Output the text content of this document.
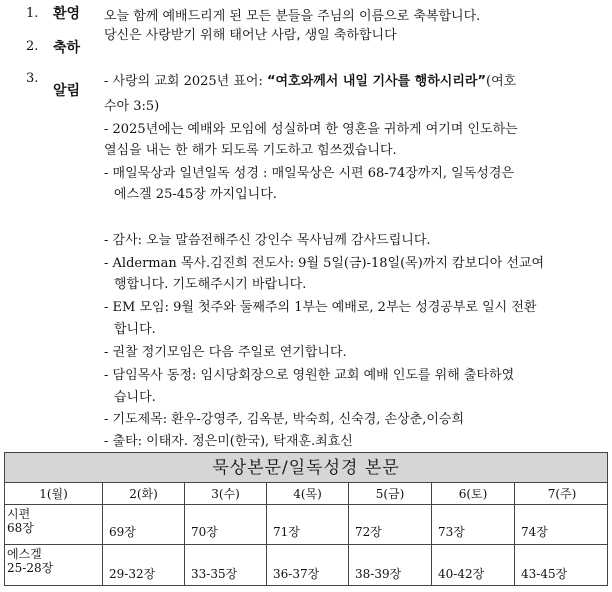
1. 환영
2. 축하
3.
알림
오늘 함께 예배드리게 된 모든 분들을 주님의 이름으로 축복합니다.
당신은 사랑받기 위해 태어난 사람, 생일 축하합니다
- 사랑의 교회 2025년 표어: “여호와께서 내일 기사를 행하시리라”(여호
수아 3:5)
- 2025년에는 예배와 모임에 성실하며 한 영혼을 귀하게 여기며 인도하는
열심을 내는 한 해가 되도록 기도하고 힘쓰겠습니다.
- 매일묵상과 일년일독 성경 : 매일묵상은 시편 68-74장까지, 일독성경은
에스겔 25-45장 까지입니다.
- 감사: 오늘 말씀전해주신 강인수 목사님께 감사드립니다.
- Alderman 목사.김진희 전도사: 9월 5일(금)-18일(목)까지 캄보디아 선교여
행합니다. 기도해주시기 바랍니다.
- EM 모임: 9월 첫주와 둘째주의 1부는 예배로, 2부는 성경공부로 일시 전환
합니다.
- 권찰 정기모임은 다음 주일로 연기합니다.
- 담임목사 동정: 임시당회장으로 영원한 교회 예배 인도를 위해 출타하였
습니다.
- 기도제목: 환우-강영주, 김옥분, 박숙희, 신숙경, 손상춘,이승희
- 출타: 이태자. 정은미(한국), 탁재훈.최효신
묵상본문/일독성경 본문
1(월)	2(화)	3(수)	4(목)	5(금)	6(토)	7(주)
시편
68장	69장	70장	71장	72장	73장	74장
에스겔
25-28장	29-32장	33-35장	36-37장	38-39장	40-42장	43-45장
